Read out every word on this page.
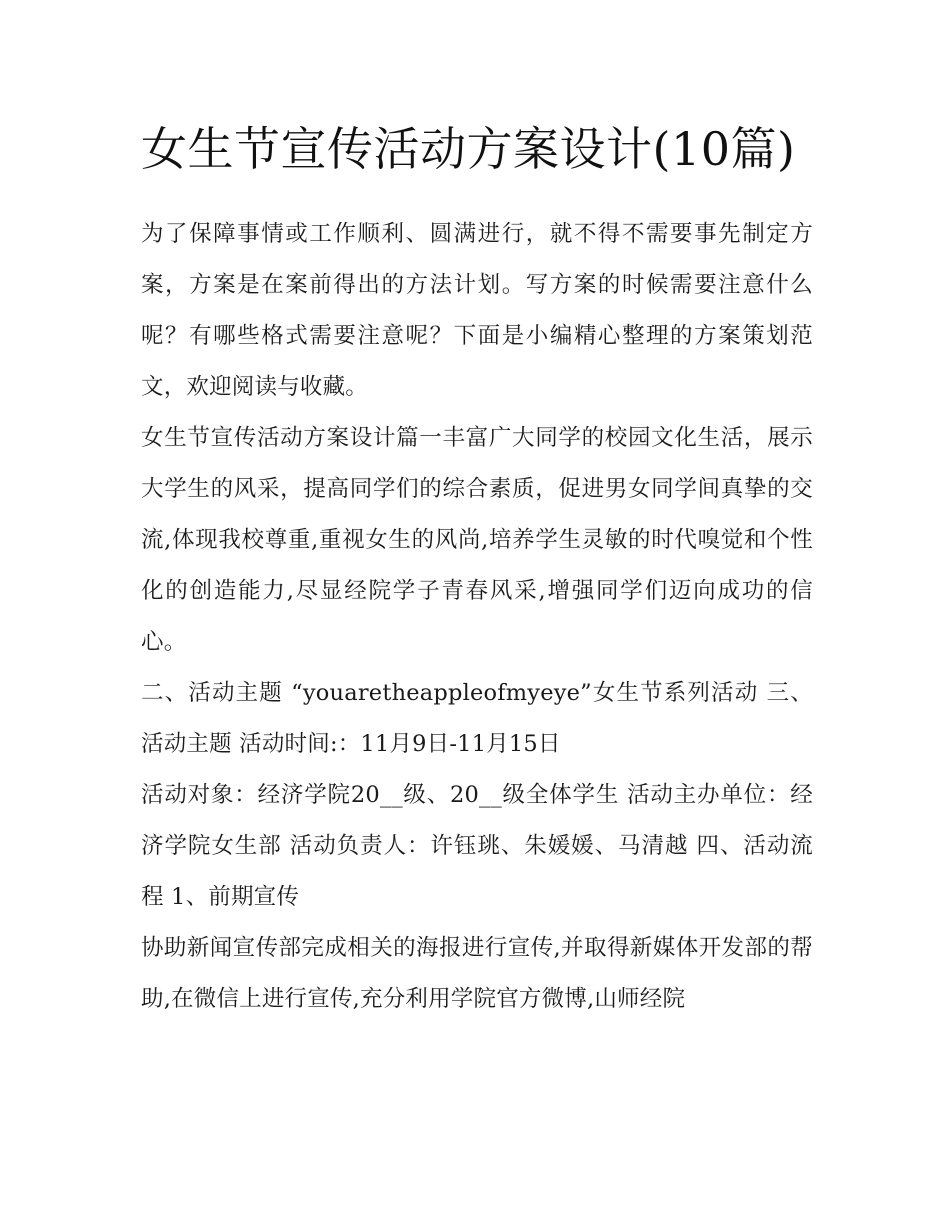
女生节宣传活动方案设计(10篇)

为了保障事情或工作顺利、圆满进行，就不得不需要事先制定方案，方案是在案前得出的方法计划。写方案的时候需要注意什么呢？有哪些格式需要注意呢？下面是小编精心整理的方案策划范文，欢迎阅读与收藏。

女生节宣传活动方案设计篇一丰富广大同学的校园文化生活，展示大学生的风采，提高同学们的综合素质，促进男女同学间真挚的交流,体现我校尊重,重视女生的风尚,培养学生灵敏的时代嗅觉和个性化的创造能力,尽显经院学子青春风采,增强同学们迈向成功的信心。

二、活动主题 “youaretheappleofmyeye”女生节系列活动 三、活动主题 活动时间:：11月9日-11月15日

活动对象：经济学院20__级、20__级全体学生 活动主办单位：经济学院女生部 活动负责人：许钰珧、朱媛媛、马清越 四、活动流程 1、前期宣传

协助新闻宣传部完成相关的海报进行宣传,并取得新媒体开发部的帮助,在微信上进行宣传,充分利用学院官方微博,山师经院
